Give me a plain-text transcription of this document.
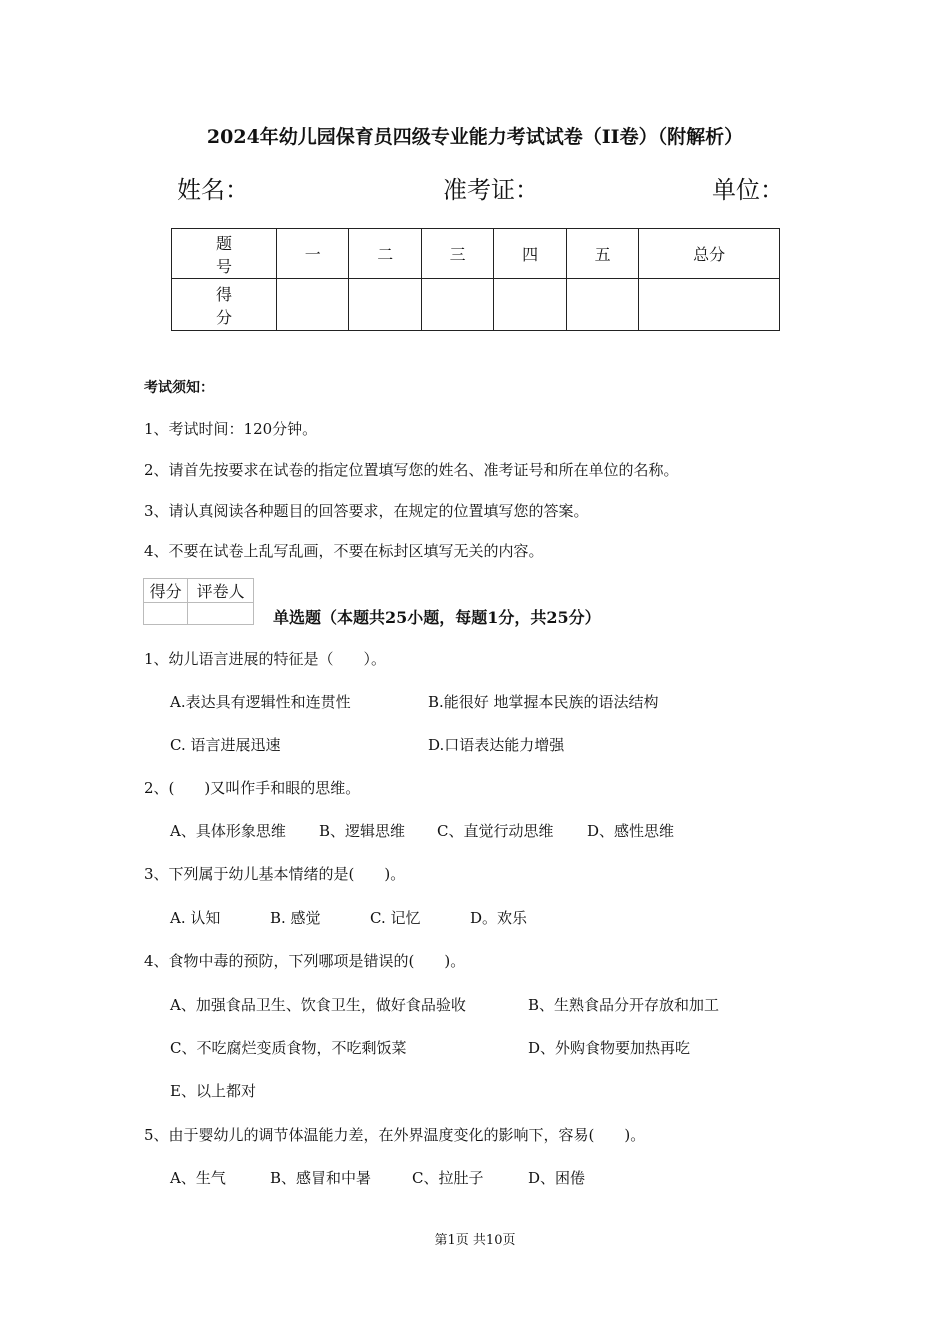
2024年幼儿园保育员四级专业能力考试试卷（II卷）（附解析）
姓名：	准考证：	单位：
题 号	一	二	三	四	五	总分
得 分						
考试须知：
1、考试时间：120分钟。
2、请首先按要求在试卷的指定位置填写您的姓名、准考证号和所在单位的名称。
3、请认真阅读各种题目的回答要求，在规定的位置填写您的答案。
4、不要在试卷上乱写乱画，不要在标封区填写无关的内容。
得分	评卷人

单选题（本题共25小题，每题1分，共25分）
1、幼儿语言进展的特征是（　　）。
A.表达具有逻辑性和连贯性	B.能很好 地掌握本民族的语法结构
C. 语言进展迅速	D.口语表达能力增强
2、(　　)又叫作手和眼的思维。
A、具体形象思维 B、逻辑思维 C、直觉行动思维 D、感性思维
3、下列属于幼儿基本情绪的是(　　)。
A. 认知	B. 感觉	C. 记忆	D。欢乐
4、食物中毒的预防，下列哪项是错误的(　　)。
A、加强食品卫生、饮食卫生，做好食品验收	B、生熟食品分开存放和加工
C、不吃腐烂变质食物，不吃剩饭菜	D、外购食物要加热再吃
E、以上都对
5、由于婴幼儿的调节体温能力差，在外界温度变化的影响下，容易(　　)。
A、生气	B、感冒和中暑	C、拉肚子	D、困倦
第1页 共10页
